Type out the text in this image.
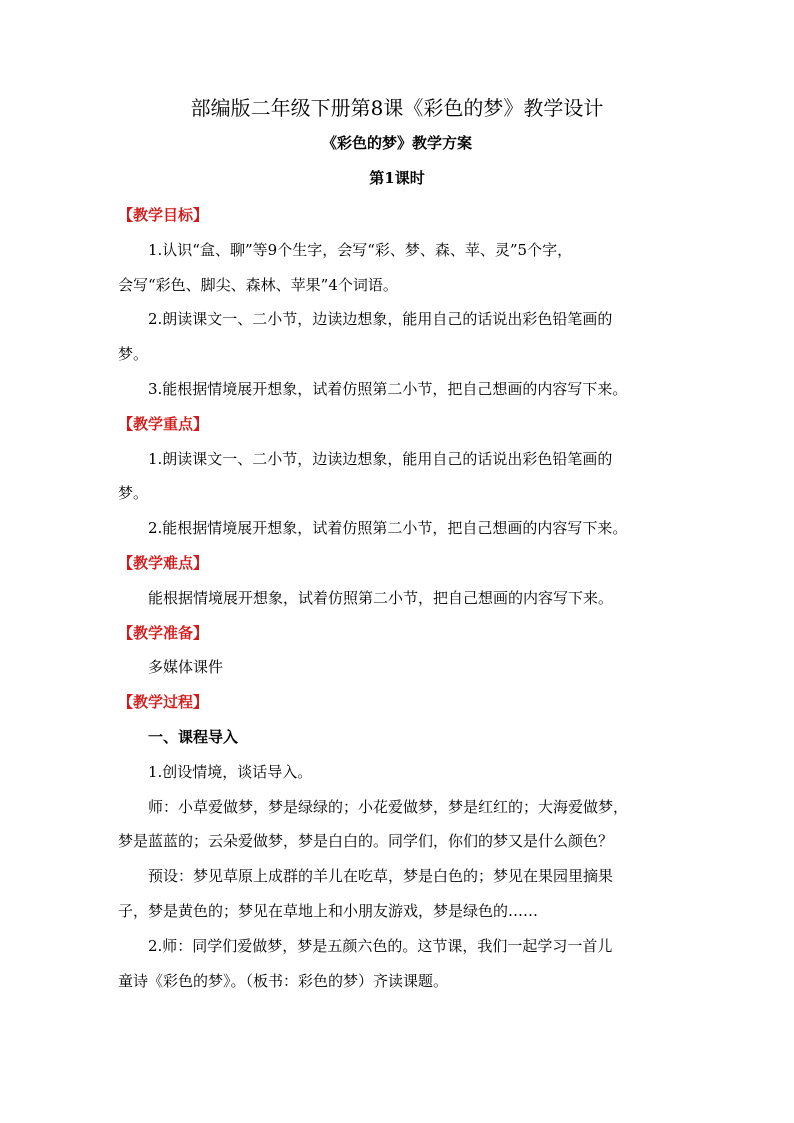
部编版二年级下册第8课《彩色的梦》教学设计
《彩色的梦》教学方案
第1课时
【教学目标】
1.认识“盒、聊”等9个生字，会写“彩、梦、森、苹、灵”5个字，
会写“彩色、脚尖、森林、苹果”4个词语。
2.朗读课文一、二小节，边读边想象，能用自己的话说出彩色铅笔画的
梦。
3.能根据情境展开想象，试着仿照第二小节，把自己想画的内容写下来。
【教学重点】
1.朗读课文一、二小节，边读边想象，能用自己的话说出彩色铅笔画的
梦。
2.能根据情境展开想象，试着仿照第二小节，把自己想画的内容写下来。
【教学难点】
能根据情境展开想象，试着仿照第二小节，把自己想画的内容写下来。
【教学准备】
多媒体课件
【教学过程】
一、课程导入
1.创设情境，谈话导入。
师：小草爱做梦，梦是绿绿的；小花爱做梦，梦是红红的；大海爱做梦，
梦是蓝蓝的；云朵爱做梦，梦是白白的。同学们，你们的梦又是什么颜色？
预设：梦见草原上成群的羊儿在吃草，梦是白色的；梦见在果园里摘果
子，梦是黄色的；梦见在草地上和小朋友游戏，梦是绿色的……
2.师：同学们爱做梦，梦是五颜六色的。这节课，我们一起学习一首儿
童诗《彩色的梦》。（板书：彩色的梦）齐读课题。
